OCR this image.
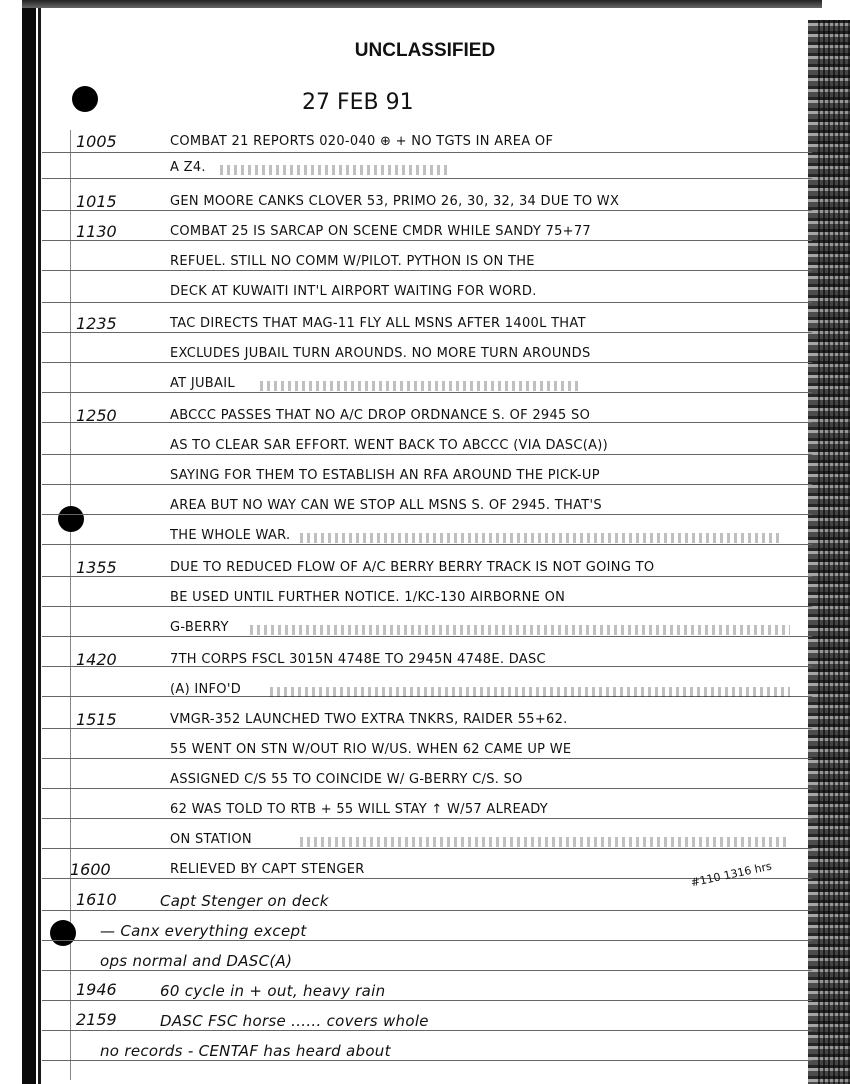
UNCLASSIFIED
27 FEB 91
1005	COMBAT 21 REPORTS 020-040 ⊕ + NO TGTS IN AREA OF
A Z4.
1015	GEN MOORE CANKS CLOVER 53, PRIMO 26, 30, 32, 34 DUE TO WX
1130	COMBAT 25 IS SARCAP ON SCENE CMDR WHILE SANDY 75+77
REFUEL. STILL NO COMM W/PILOT. PYTHON IS ON THE
DECK AT KUWAITI INT'L AIRPORT WAITING FOR WORD.
1235	TAC DIRECTS THAT MAG-11 FLY ALL MSNS AFTER 1400L THAT
EXCLUDES JUBAIL TURN AROUNDS. NO MORE TURN AROUNDS
AT JUBAIL
1250	ABCCC PASSES THAT NO A/C DROP ORDNANCE S. OF 2945 SO
AS TO CLEAR SAR EFFORT. WENT BACK TO ABCCC (VIA DASC(A))
SAYING FOR THEM TO ESTABLISH AN RFA AROUND THE PICK-UP
AREA BUT NO WAY CAN WE STOP ALL MSNS S. OF 2945. THAT'S
THE WHOLE WAR.
1355	DUE TO REDUCED FLOW OF A/C BERRY BERRY TRACK IS NOT GOING TO
BE USED UNTIL FURTHER NOTICE. 1/KC-130 AIRBORNE ON
G-BERRY
1420	7TH CORPS FSCL 3015N 4748E TO 2945N 4748E. DASC
(A) INFO'D
1515	VMGR-352 LAUNCHED TWO EXTRA TNKRS, RAIDER 55+62.
55 WENT ON STN W/OUT RIO W/US. WHEN 62 CAME UP WE
ASSIGNED C/S 55 TO COINCIDE W/ G-BERRY C/S. SO
62 WAS TOLD TO RTB + 55 WILL STAY ↑ W/57 ALREADY
ON STATION
1600	RELIEVED BY CAPT STENGER
1610	Capt Stenger on deck
#110 1316 hrs
— Canx everything except
ops normal and DASC(A)
1946	60 cycle in + out, heavy rain
2159	DASC FSC horse ...... covers whole
no records - CENTAF has heard about
